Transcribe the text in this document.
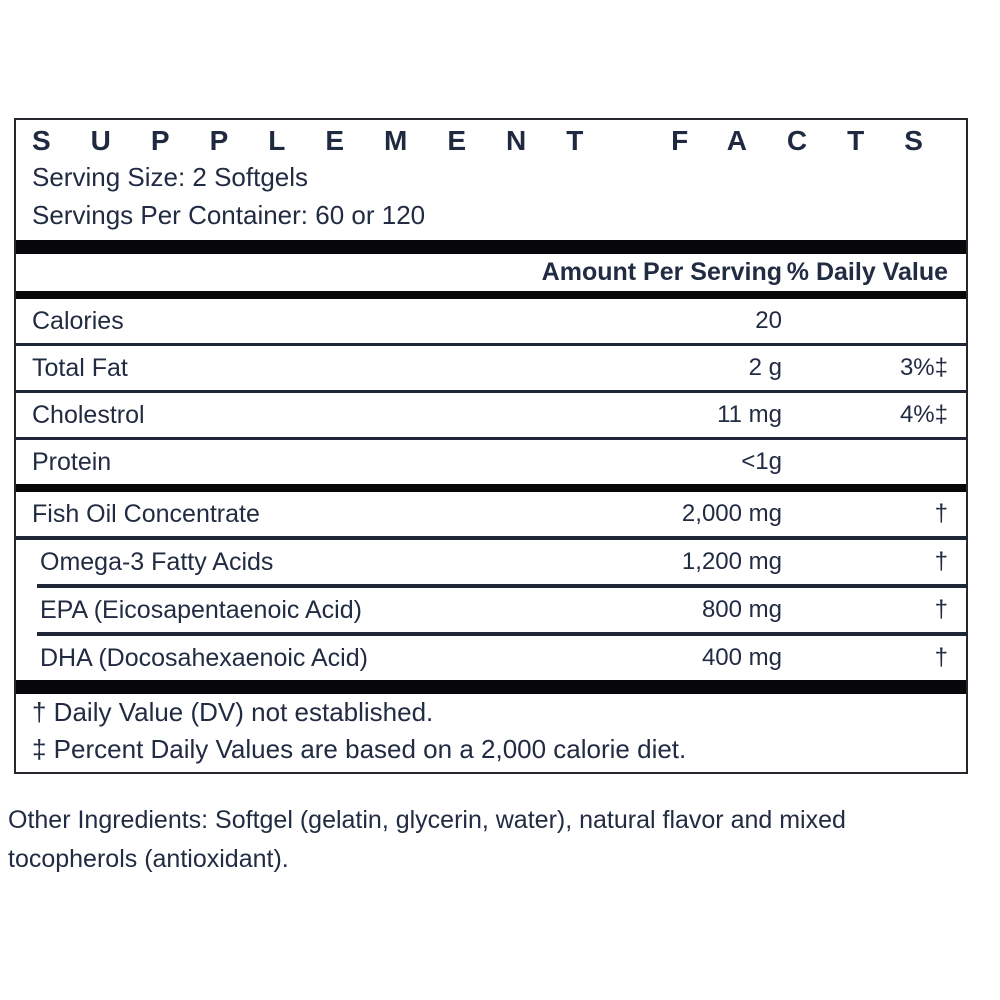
SUPPLEMENT FACTS
Serving Size: 2 Softgels
Servings Per Container: 60 or 120
Amount Per Serving % Daily Value
Calories	20
Total Fat	2 g	3%‡
Cholestrol	11 mg	4%‡
Protein	<1g
Fish Oil Concentrate	2,000 mg	†
Omega-3 Fatty Acids	1,200 mg	†
EPA (Eicosapentaenoic Acid)	800 mg	†
DHA (Docosahexaenoic Acid)	400 mg	†
† Daily Value (DV) not established.
‡ Percent Daily Values are based on a 2,000 calorie diet.
Other Ingredients: Softgel (gelatin, glycerin, water), natural flavor and mixed tocopherols (antioxidant).
